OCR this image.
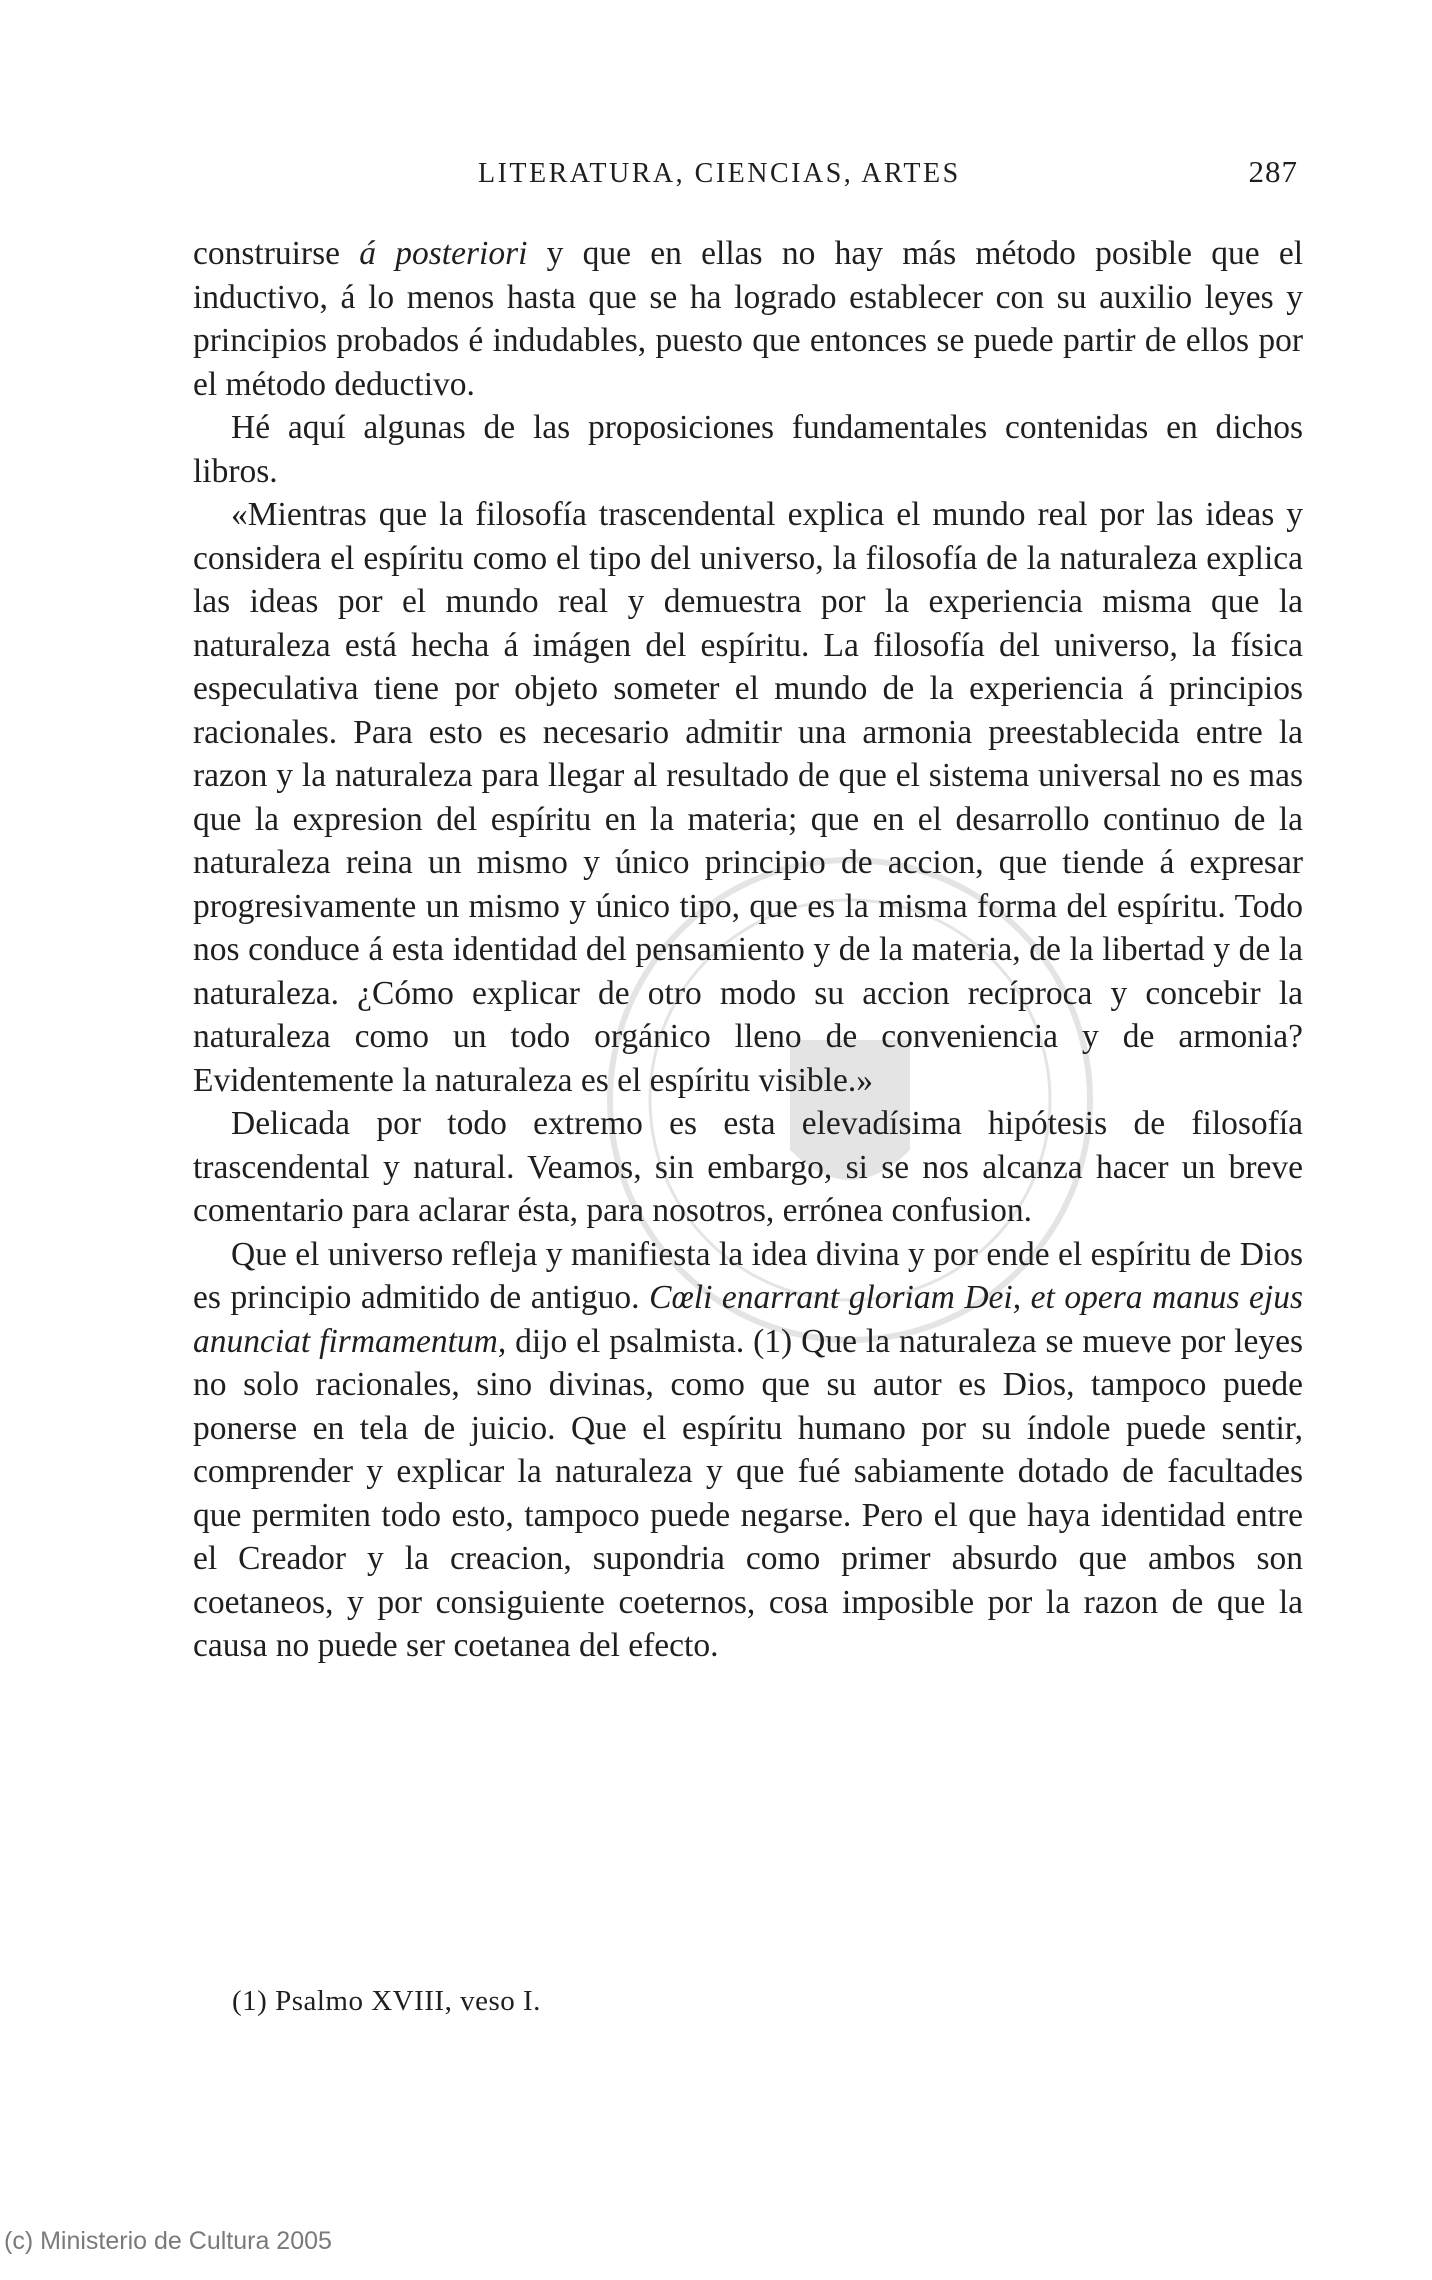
LITERATURA, CIENCIAS, ARTES	287

construirse á posteriori y que en ellas no hay más método posible que el inductivo, á lo menos hasta que se ha logrado establecer con su auxilio leyes y principios probados é indudables, puesto que entonces se puede partir de ellos por el método deductivo.

Hé aquí algunas de las proposiciones fundamentales contenidas en dichos libros.

«Mientras que la filosofía trascendental explica el mundo real por las ideas y considera el espíritu como el tipo del universo, la filosofía de la naturaleza explica las ideas por el mundo real y demuestra por la experiencia misma que la naturaleza está hecha á imágen del espíritu. La filosofía del universo, la física especulativa tiene por objeto someter el mundo de la experiencia á principios racionales. Para esto es necesario admitir una armonia preestablecida entre la razon y la naturaleza para llegar al resultado de que el sistema universal no es mas que la expresion del espíritu en la materia; que en el desarrollo continuo de la naturaleza reina un mismo y único principio de accion, que tiende á expresar progresivamente un mismo y único tipo, que es la misma forma del espíritu. Todo nos conduce á esta identidad del pensamiento y de la materia, de la libertad y de la naturaleza. ¿Cómo explicar de otro modo su accion recíproca y concebir la naturaleza como un todo orgánico lleno de conveniencia y de armonia? Evidentemente la naturaleza es el espíritu visible.»

Delicada por todo extremo es esta elevadísima hipótesis de filosofía trascendental y natural. Veamos, sin embargo, si se nos alcanza hacer un breve comentario para aclarar ésta, para nosotros, errónea confusion.

Que el universo refleja y manifiesta la idea divina y por ende el espíritu de Dios es principio admitido de antiguo. Cœli enarrant gloriam Dei, et opera manus ejus anunciat firmamentum, dijo el psalmista. (1) Que la naturaleza se mueve por leyes no solo racionales, sino divinas, como que su autor es Dios, tampoco puede ponerse en tela de juicio. Que el espíritu humano por su índole puede sentir, comprender y explicar la naturaleza y que fué sabiamente dotado de facultades que permiten todo esto, tampoco puede negarse. Pero el que haya identidad entre el Creador y la creacion, supondria como primer absurdo que ambos son coetaneos, y por consiguiente coeternos, cosa imposible por la razon de que la causa no puede ser coetanea del efecto.

(1) Psalmo XVIII, veso I.
(c) Ministerio de Cultura 2005
